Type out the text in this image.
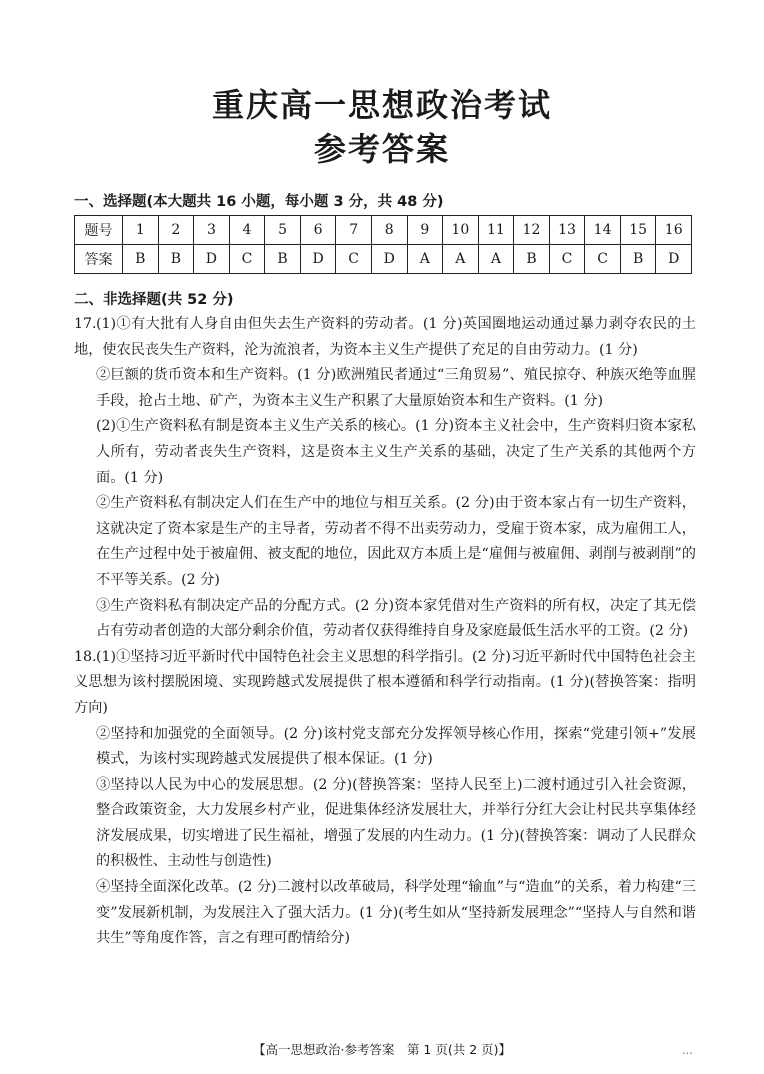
重庆高一思想政治考试
参考答案
一、选择题(本大题共 16 小题，每小题 3 分，共 48 分)
题号	1	2	3	4	5	6	7	8	9	10	11	12	13	14	15	16
答案	B	B	D	C	B	D	C	D	A	A	A	B	C	C	B	D
二、非选择题(共 52 分)

17.(1)①有大批有人身自由但失去生产资料的劳动者。(1 分)英国圈地运动通过暴力剥夺农民的土地，使农民丧失生产资料，沦为流浪者，为资本主义生产提供了充足的自由劳动力。(1 分)

②巨额的货币资本和生产资料。(1 分)欧洲殖民者通过“三角贸易”、殖民掠夺、种族灭绝等血腥手段，抢占土地、矿产，为资本主义生产积累了大量原始资本和生产资料。(1 分)

(2)①生产资料私有制是资本主义生产关系的核心。(1 分)资本主义社会中，生产资料归资本家私人所有，劳动者丧失生产资料，这是资本主义生产关系的基础，决定了生产关系的其他两个方面。(1 分)

②生产资料私有制决定人们在生产中的地位与相互关系。(2 分)由于资本家占有一切生产资料，这就决定了资本家是生产的主导者，劳动者不得不出卖劳动力，受雇于资本家，成为雇佣工人，在生产过程中处于被雇佣、被支配的地位，因此双方本质上是“雇佣与被雇佣、剥削与被剥削”的不平等关系。(2 分)

③生产资料私有制决定产品的分配方式。(2 分)资本家凭借对生产资料的所有权，决定了其无偿占有劳动者创造的大部分剩余价值，劳动者仅获得维持自身及家庭最低生活水平的工资。(2 分)

18.(1)①坚持习近平新时代中国特色社会主义思想的科学指引。(2 分)习近平新时代中国特色社会主义思想为该村摆脱困境、实现跨越式发展提供了根本遵循和科学行动指南。(1 分)(替换答案：指明方向)

②坚持和加强党的全面领导。(2 分)该村党支部充分发挥领导核心作用，探索“党建引领+”发展模式，为该村实现跨越式发展提供了根本保证。(1 分)

③坚持以人民为中心的发展思想。(2 分)(替换答案：坚持人民至上)二渡村通过引入社会资源，整合政策资金，大力发展乡村产业，促进集体经济发展壮大，并举行分红大会让村民共享集体经济发展成果，切实增进了民生福祉，增强了发展的内生动力。(1 分)(替换答案：调动了人民群众的积极性、主动性与创造性)

④坚持全面深化改革。(2 分)二渡村以改革破局，科学处理“输血”与“造血”的关系，着力构建“三变”发展新机制，为发展注入了强大活力。(1 分)(考生如从“坚持新发展理念”“坚持人与自然和谐共生”等角度作答，言之有理可酌情给分)

【高一思想政治·参考答案　第 1 页(共 2 页)】	…
